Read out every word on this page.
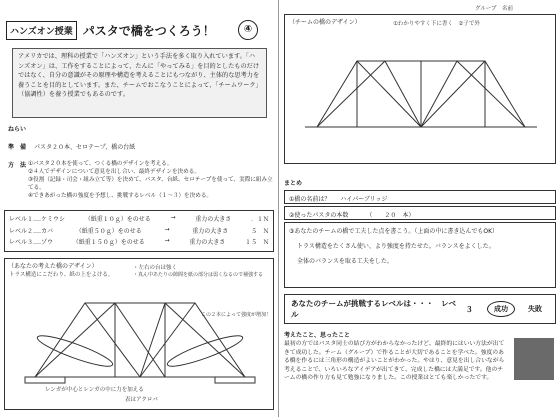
ハンズオン授業 パスタで橋をつくろう！	④

アメリカでは、理科の授業で「ハンズオン」という手法を多く取り入れています。「ハンズオン」は、工作をすることによって、たんに「やってみる」を目的としたものだけではなく、自分の意識がその原理や構造を考えることにもつながり、主体的な思考力を養うことを目的としています。また、チームでおこなうことによって、「チームワーク」（協調性）を養う授業でもあるのです。

ねらい
準　備 パスタ２０本、セロテープ、橋の台紙
方　法 ①パスタ２０本を使って、つくる橋のデザインを考える。

②４人でデザインについて意見を出し合い、最終デザインを決める。

③役割（記録・司会・組み立て等）を決めて、パスタ、台紙、セロテープを使って、実際に組み立てる。

④できあがった橋の強度を予想し、挑戦するレベル（１〜３）を決める。

レベル１‥‥ケミウシ	（紙重１０ｇ）をのせる	→	重力の大きさ	．１Ｎ
レベル２‥‥カバ	（紙重５０ｇ）をのせる	→	重力の大きさ	５　Ｎ
レベル３‥‥ゾウ	（紙重１５０ｇ）をのせる	→	重力の大きさ	１５　Ｎ
（あなたの考えた橋のデザイン）
トラス構造にこだわり、紙の上をよける。
・左右の台は強く
・真ん中あたりの隙間を紙の部分は弱くなるので補強する
この２本によって強度が増加！
レンガが中心とレンガの中に力を加える
表はアクロバ
（チームの橋のデザイン）
グループ　名前
①わかりやすく下に書く　②子で外
まとめ
①橋の名前は？ ハイパーブリッジ
②使ったパスタの本数	（　　２０　本）
③あなたのチームの橋で工夫した点を書こう。（上面の中に書き込んでもOK）
トラス構造をたくさん使い、より強度を持たせた。バランスをよくした。
全体のバランスを取る工夫をした。
あなたのチームが挑戦するレベルは・・・　レベル
３	成功	失敗
考えたこと、思ったこと

最初の方ではパスタ同士の結び方がわからなかったけど、最終的にはいい方法が出てきて成功した。チーム（グループ）で作ることが大切であることを学べた。強度のある橋を作るには三角形の構造がよいことがわかった。やはり、意見を出し合いながら考えることで、いろいろなアイデアが出てきて、完成した橋には大満足です。他のチームの橋の作り方も見て勉強になりました。この授業はとても楽しかったです。
